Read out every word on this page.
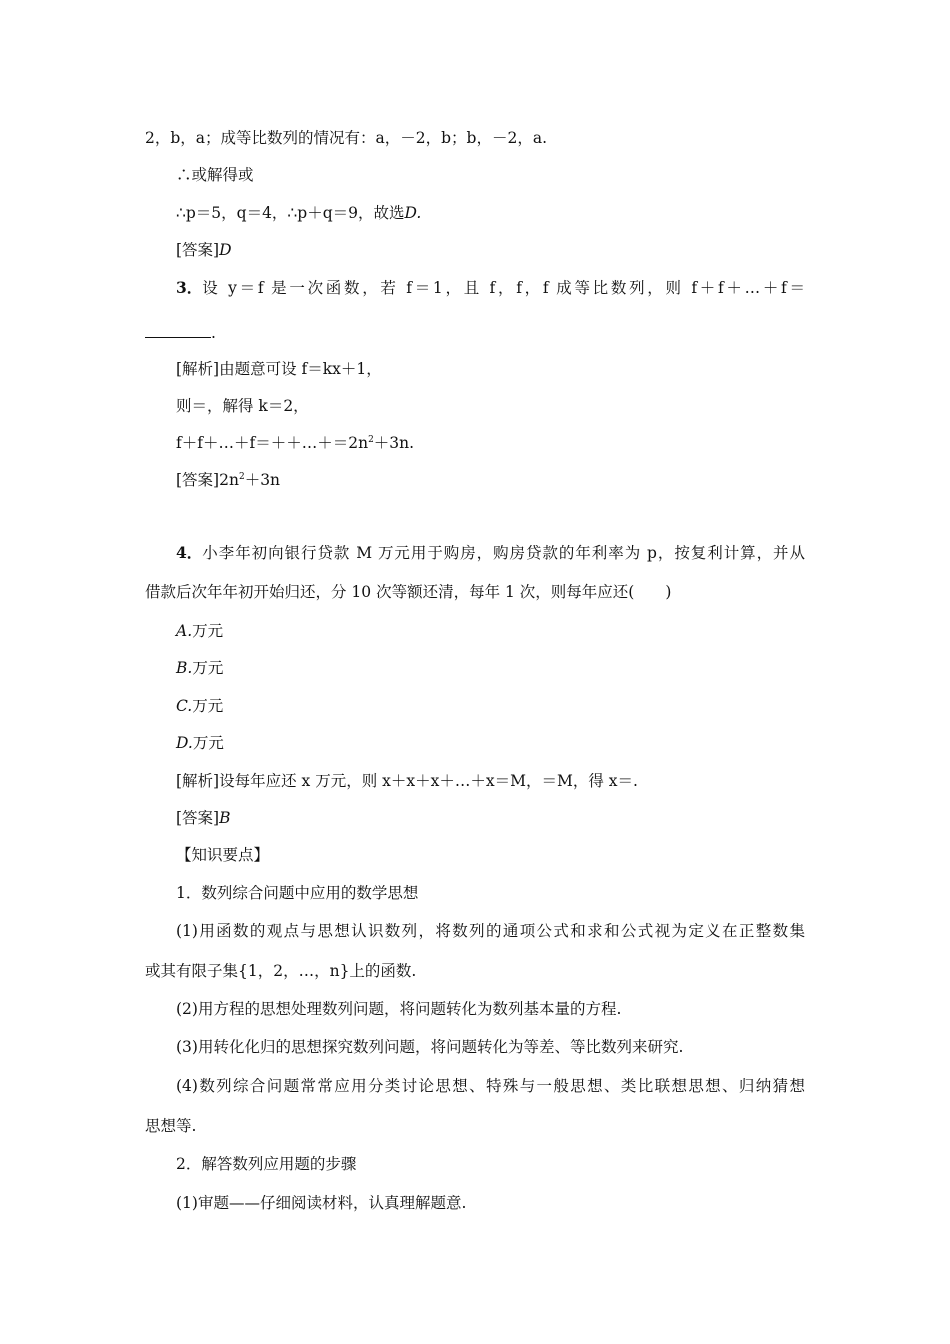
2，b，a；成等比数列的情况有：a，－2，b；b，－2，a.
∴或解得或
∴p＝5，q＝4，∴p＋q＝9，故选D.
[答案]D
3． 设 y＝f 是一次函数，若 f＝1，且 f，f，f 成等比数列，则 f＋f＋…＋f＝
.
[解析]由题意可设 f＝kx＋1，
则＝，解得 k＝2，
$f+f+\dots+f=++\dots+=2n^2+3n$.
[答案]$2n^2+3n$
4． 小李年初向银行贷款 M 万元用于购房，购房贷款的年利率为 p，按复利计算，并从
借款后次年年初开始归还，分 10 次等额还清，每年 1 次，则每年应还(　　)
A.万元
B.万元
C.万元
D.万元
[解析]设每年应还 x 万元，则 x＋x＋x＋…＋x＝M，＝M，得 x＝.
[答案]B
【知识要点】
1．数列综合问题中应用的数学思想
(1)用函数的观点与思想认识数列，将数列的通项公式和求和公式视为定义在正整数集
或其有限子集{1，2，…，n}上的函数.
(2)用方程的思想处理数列问题，将问题转化为数列基本量的方程.
(3)用转化化归的思想探究数列问题，将问题转化为等差、等比数列来研究.
(4)数列综合问题常常应用分类讨论思想、特殊与一般思想、类比联想思想、归纳猜想
思想等.
2．解答数列应用题的步骤
(1)审题——仔细阅读材料，认真理解题意.
